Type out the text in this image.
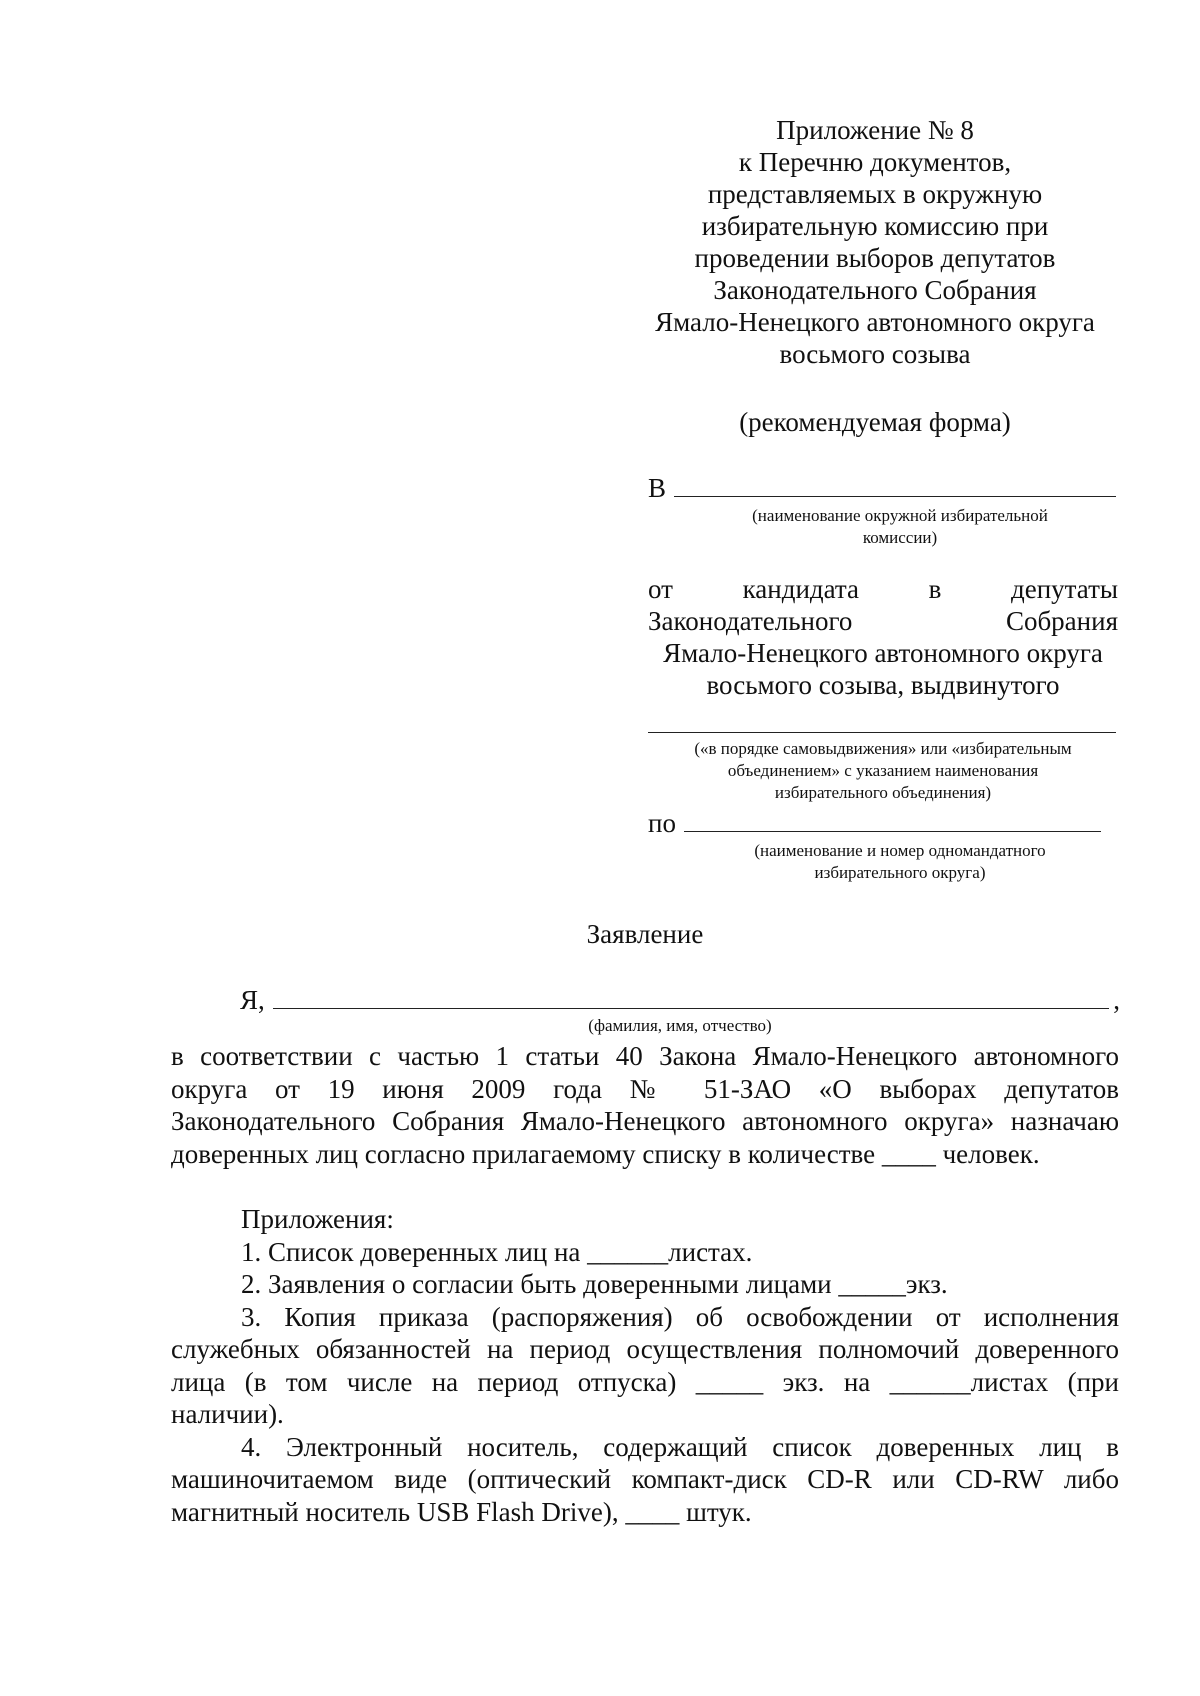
Приложение № 8
к Перечню документов,
представляемых в окружную
избирательную комиссию при
проведении выборов депутатов
Законодательного Собрания
Ямало-Ненецкого автономного округа
восьмого созыва
(рекомендуемая форма)
В
(наименование окружной избирательной
комиссии)
от	кандидата	в	депутаты
Законодательного	Собрания
Ямало-Ненецкого автономного округа
восьмого созыва, выдвинутого
(«в порядке самовыдвижения» или «избирательным
объединением» с указанием наименования
избирательного объединения)
по
(наименование и номер одномандатного
избирательного округа)
Заявление
Я,	,
(фамилия, имя, отчество)
в соответствии с частью 1 статьи 40 Закона Ямало-Ненецкого автономного
округа от 19 июня 2009 года № 51-ЗАО «О выборах депутатов
Законодательного Собрания Ямало-Ненецкого автономного округа» назначаю
доверенных лиц согласно прилагаемому списку в количестве ____ человек.
Приложения:
1. Список доверенных лиц на ______листах.
2. Заявления о согласии быть доверенными лицами _____экз.
3. Копия приказа (распоряжения) об освобождении от исполнения
служебных обязанностей на период осуществления полномочий доверенного
лица (в том числе на период отпуска) _____ экз. на ______листах (при
наличии).
4. Электронный носитель, содержащий список доверенных лиц в
машиночитаемом виде (оптический компакт-диск CD-R или CD-RW либо
магнитный носитель USB Flash Drive), ____ штук.
